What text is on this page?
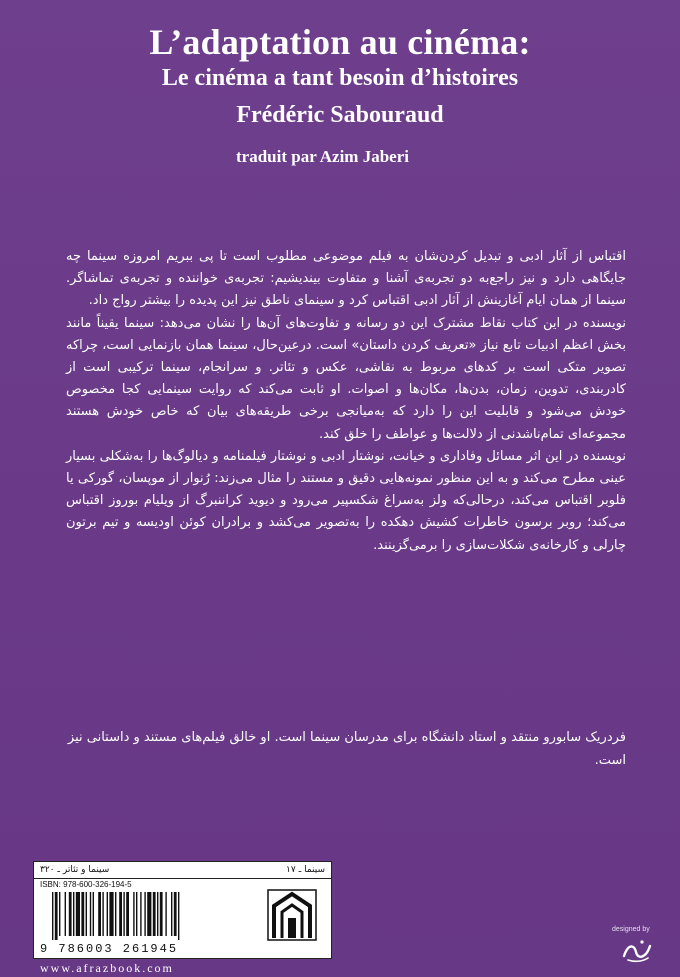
L’adaptation au cinéma:
Le cinéma a tant besoin d’histoires
Frédéric Sabouraud
traduit par Azim Jaberi

اقتباس از آثار ادبی و تبدیل کردن‌شان به فیلم موضوعی مطلوب است تا پی ببریم امروزه سینما چه جایگاهی دارد و نیز راجع‌به دو تجربه‌ی آشنا و متفاوت بیندیشیم: تجربه‌ی خواننده و تجربه‌ی تماشاگر. سینما از همان ایام آغازینش از آثار ادبی اقتباس کرد و سینمای ناطق نیز این پدیده را بیشتر رواج داد.

نویسنده در این کتاب نقاط مشترک این دو رسانه و تفاوت‌های آن‌ها را نشان می‌دهد: سینما یقیناً مانند بخش اعظم ادبیات تابع نیاز «تعریف کردن داستان» است. درعین‌حال، سینما همان بازنمایی است، چراکه تصویر متکی است بر کدهای مربوط به نقاشی، عکس و تئاتر. و سرانجام، سینما ترکیبی است از کادربندی، تدوین، زمان، بدن‌ها، مکان‌ها و اصوات. او ثابت می‌کند که روایت سینمایی کجا مخصوص خودش می‌شود و قابلیت این را دارد که به‌میانجی برخی طریقه‌های بیان که خاص خودش هستند مجموعه‌ای تمام‌ناشدنی از دلالت‌ها و عواطف را خلق کند.

نویسنده در این اثر مسائل وفاداری و خیانت، نوشتار ادبی و نوشتار فیلمنامه و دیالوگ‌ها را به‌شکلی بسیار عینی مطرح می‌کند و به این منظور نمونه‌هایی دقیق و مستند را مثال می‌زند: رُنوار از موپسان، گورکی یا فلوبر اقتباس می‌کند، درحالی‌که ولز به‌سراغ شکسپیر می‌رود و دیوید کراننبرگ از ویلیام بوروز اقتباس می‌کند؛ روبر برسون خاطرات کشیش دهکده را به‌تصویر می‌کشد و برادران کوئن اودیسه و تیم برتون چارلی و کارخانه‌ی شکلات‌سازی را برمی‌گزینند.

فردریک سابورو منتقد و استاد دانشگاه برای مدرسان سینما است. او خالق فیلم‌های مستند و داستانی نیز است.
سینما و تئاتر ـ ۳۲۰	سینما ـ ۱۷
ISBN: 978-600-326-194-5
9 786003 261945
designed by
www.afrazbook.com
